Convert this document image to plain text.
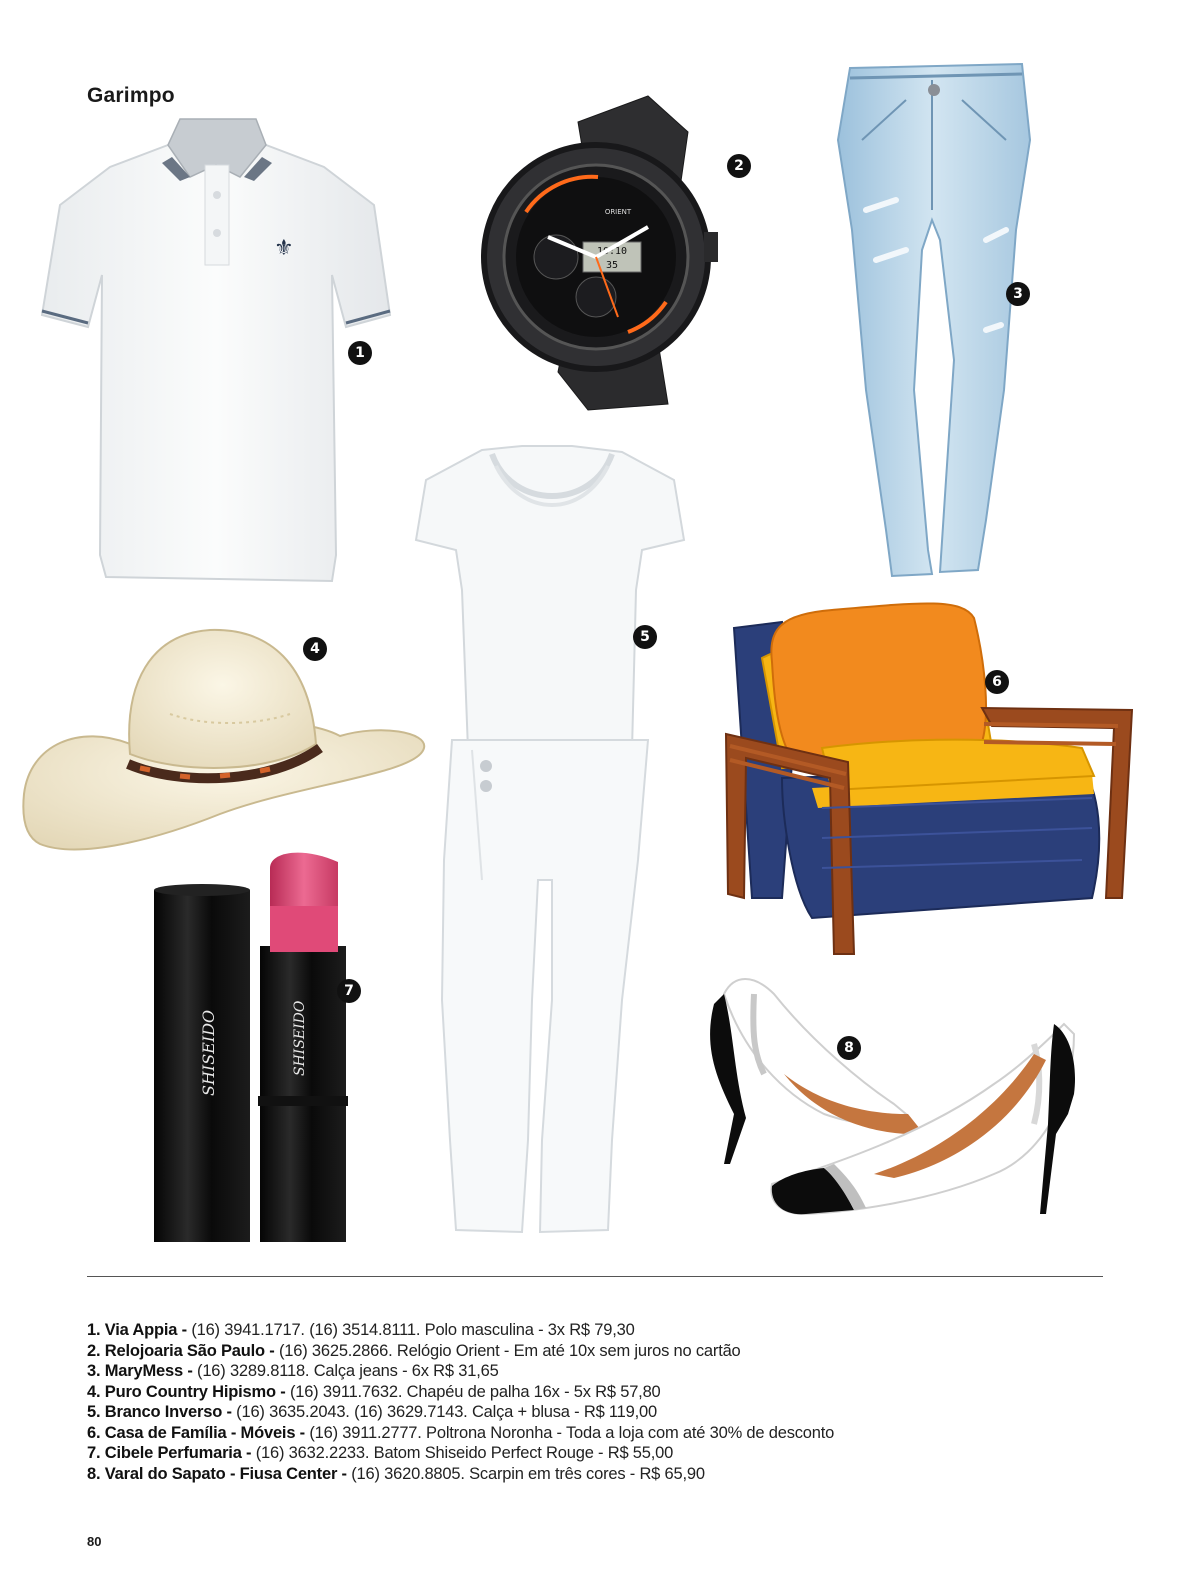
Garimpo
⚜
1
10:10
35
ORIENT
2
3
4
5
6
SHISEIDO	SHISEIDO
7
8
1. Via Appia - (16) 3941.1717. (16) 3514.8111. Polo masculina - 3x R$ 79,30
2. Relojoaria São Paulo - (16) 3625.2866. Relógio Orient - Em até 10x sem juros no cartão
3. MaryMess - (16) 3289.8118. Calça jeans - 6x R$ 31,65
4. Puro Country Hipismo - (16) 3911.7632. Chapéu de palha 16x - 5x R$ 57,80
5. Branco Inverso - (16) 3635.2043. (16) 3629.7143. Calça + blusa - R$ 119,00
6. Casa de Família - Móveis - (16) 3911.2777. Poltrona Noronha - Toda a loja com até 30% de desconto
7. Cibele Perfumaria - (16) 3632.2233. Batom Shiseido Perfect Rouge - R$ 55,00
8. Varal do Sapato - Fiusa Center - (16) 3620.8805. Scarpin em três cores - R$ 65,90
80
